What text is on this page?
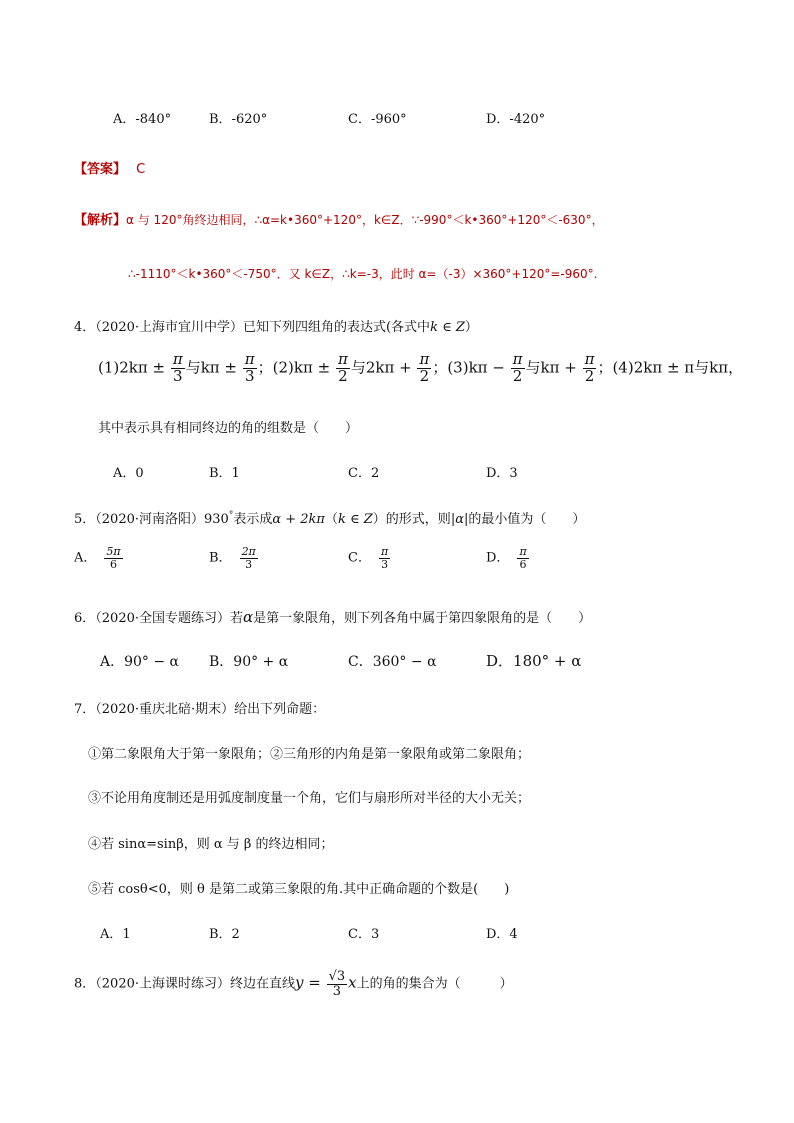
A．-840°	B．-620°	C．-960°	D．-420°
【答案】 C
【解析】α 与 120°角终边相同，∴α=k•360°+120°，k∈Z．∵-990°＜k•360°+120°＜-630°，
∴-1110°＜k•360°＜-750°．又 k∈Z，∴k=-3，此时 α=（-3）×360°+120°=-960°.
4．（2020·上海市宜川中学）已知下列四组角的表达式(各式中k ∈ Z）
$(1)2k\pi \pm \frac{\pi}{3}$ 与$k\pi \pm \frac{\pi}{3}$ ；$(2)k\pi \pm \frac{\pi}{2}$ 与$2k\pi + \frac{\pi}{2}$ ；$(3)k\pi - \frac{\pi}{2}$ 与$k\pi + \frac{\pi}{2}$ ；(4)2kπ ± π与kπ，
其中表示具有相同终边的角的组数是（　　）
A．0	B．1	C．2	D．3
5．（2020·河南洛阳）930°表示成α + 2kπ（k ∈ Z）的形式，则|α|的最小值为（　　）
A． $\frac{5\pi}{6}$	B． $\frac{2\pi}{3}$	C． $\frac{\pi}{3}$	D． $\frac{\pi}{6}$
6．（2020·全国专题练习）若α是第一象限角，则下列各角中属于第四象限角的是（　　）
A．90° − α B．90° + α	C．360° − α	D．180° + α
7．（2020·重庆北碚·期末）给出下列命题：
①第二象限角大于第一象限角；②三角形的内角是第一象限角或第二象限角；
③不论用角度制还是用弧度制度量一个角，它们与扇形所对半径的大小无关；
④若 sinα=sinβ，则 α 与 β 的终边相同；
⑤若 cosθ<0，则 θ 是第二或第三象限的角.其中正确命题的个数是(　　)
A．1	B．2	C．3	D．4
8．（2020·上海课时练习）终边在直线$y = \frac{√3}{3}$ x上的角的集合为（　　　）
